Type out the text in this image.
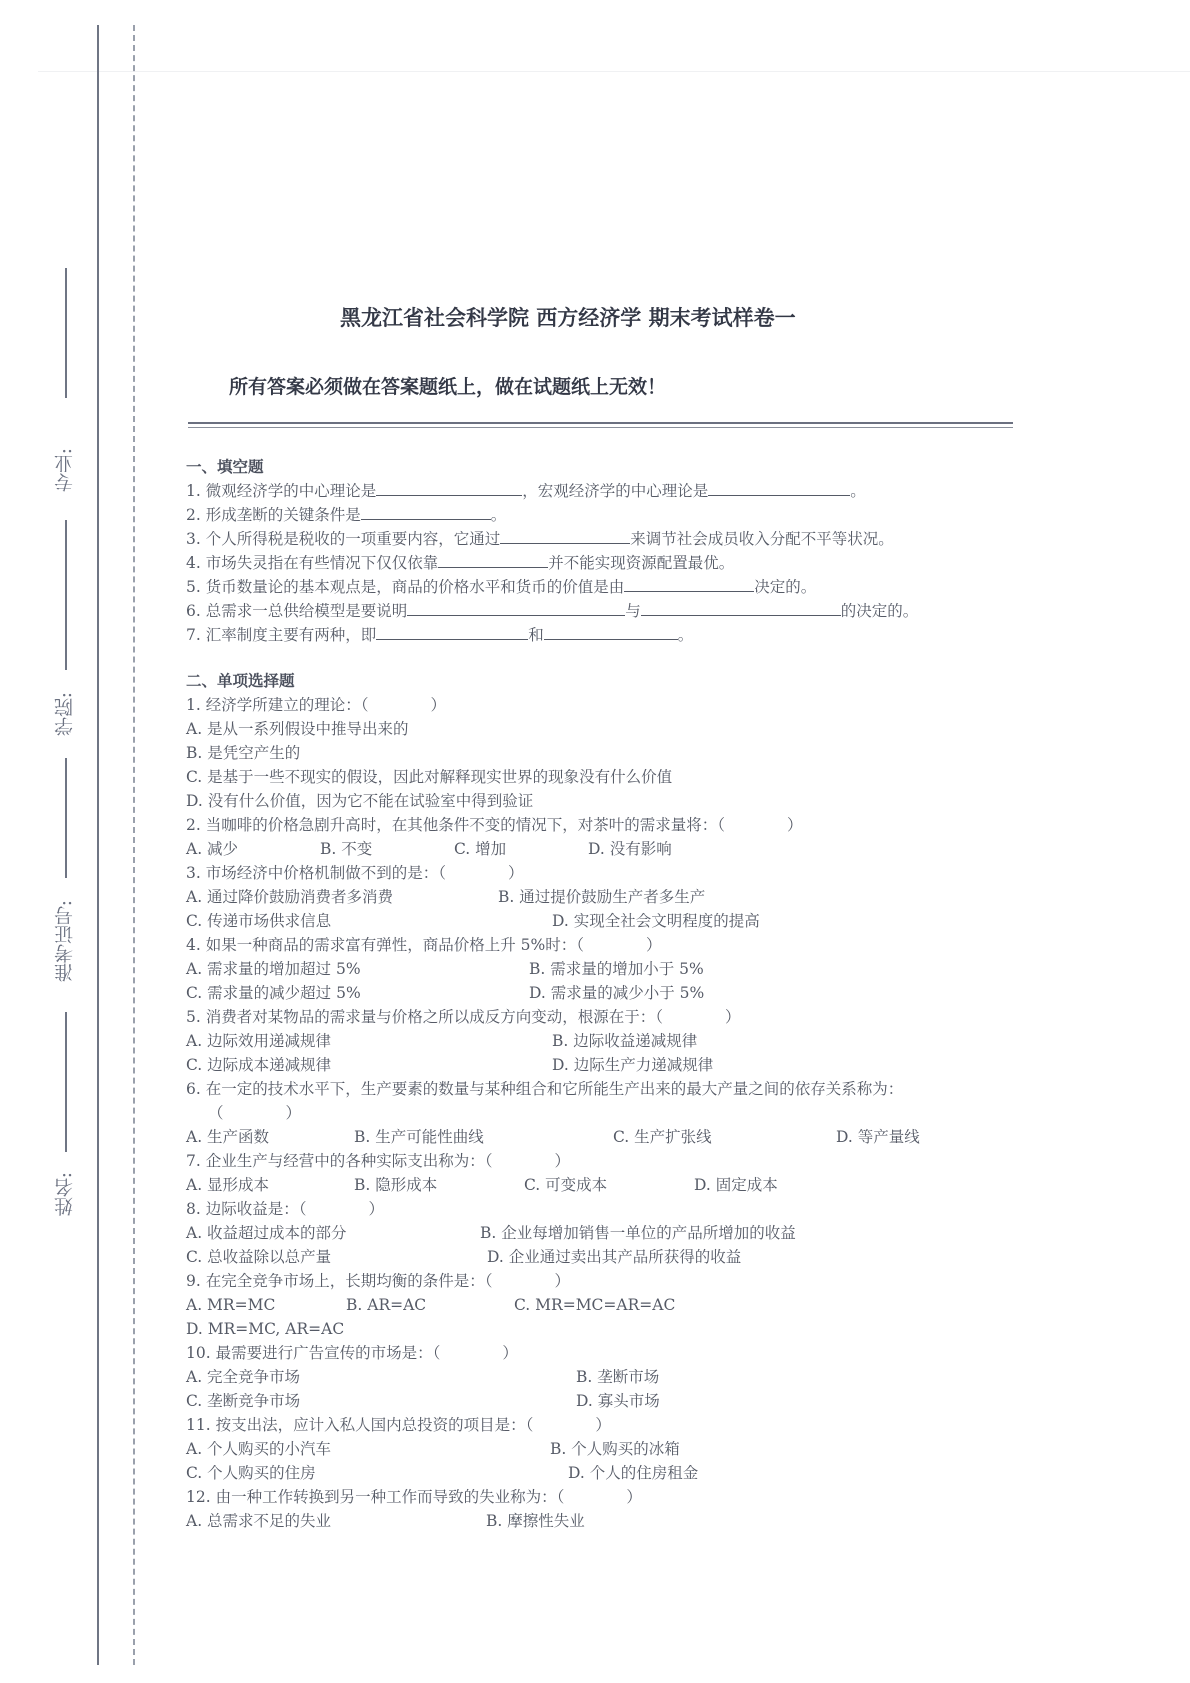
专业:
学院:
准考证号:
姓名:
黑龙江省社会科学院 西方经济学 期末考试样卷一
所有答案必须做在答案题纸上，做在试题纸上无效！
一、填空题
1. 微观经济学的中心理论是	，宏观经济学的中心理论是	。
2. 形成垄断的关键条件是	。
3. 个人所得税是税收的一项重要内容，它通过	来调节社会成员收入分配不平等状况。
4. 市场失灵指在有些情况下仅仅依靠	并不能实现资源配置最优。
5. 货币数量论的基本观点是，商品的价格水平和货币的价值是由	决定的。
6. 总需求一总供给模型是要说明	与	的决定的。
7. 汇率制度主要有两种，即	和	。
二、单项选择题
1. 经济学所建立的理论：（　　　　）
A. 是从一系列假设中推导出来的
B. 是凭空产生的
C. 是基于一些不现实的假设，因此对解释现实世界的现象没有什么价值
D. 没有什么价值，因为它不能在试验室中得到验证
2. 当咖啡的价格急剧升高时，在其他条件不变的情况下，对茶叶的需求量将：（　　　　）
A. 减少	B. 不变	C. 增加	D. 没有影响
3. 市场经济中价格机制做不到的是：（　　　　）
A. 通过降价鼓励消费者多消费	B. 通过提价鼓励生产者多生产
C. 传递市场供求信息	D. 实现全社会文明程度的提高
4. 如果一种商品的需求富有弹性，商品价格上升 5%时：（　　　　）
A. 需求量的增加超过 5%	B. 需求量的增加小于 5%
C. 需求量的减少超过 5%	D. 需求量的减少小于 5%
5. 消费者对某物品的需求量与价格之所以成反方向变动，根源在于：（　　　　）
A. 边际效用递减规律	B. 边际收益递减规律
C. 边际成本递减规律	D. 边际生产力递减规律
6. 在一定的技术水平下，生产要素的数量与某种组合和它所能生产出来的最大产量之间的依存关系称为：
（　　　　）
A. 生产函数	B. 生产可能性曲线	C. 生产扩张线	D. 等产量线
7. 企业生产与经营中的各种实际支出称为：（　　　　）
A. 显形成本	B. 隐形成本	C. 可变成本	D. 固定成本
8. 边际收益是：（　　　　）
A. 收益超过成本的部分	B. 企业每增加销售一单位的产品所增加的收益
C. 总收益除以总产量	D. 企业通过卖出其产品所获得的收益
9. 在完全竞争市场上，长期均衡的条件是：（　　　　）
A. MR=MC	B. AR=AC	C. MR=MC=AR=AC
D. MR=MC, AR=AC
10. 最需要进行广告宣传的市场是：（　　　　）
A. 完全竞争市场	B. 垄断市场
C. 垄断竞争市场	D. 寡头市场
11. 按支出法，应计入私人国内总投资的项目是：（　　　　）
A. 个人购买的小汽车	B. 个人购买的冰箱
C. 个人购买的住房	D. 个人的住房租金
12. 由一种工作转换到另一种工作而导致的失业称为：（　　　　）
A. 总需求不足的失业	B. 摩擦性失业
